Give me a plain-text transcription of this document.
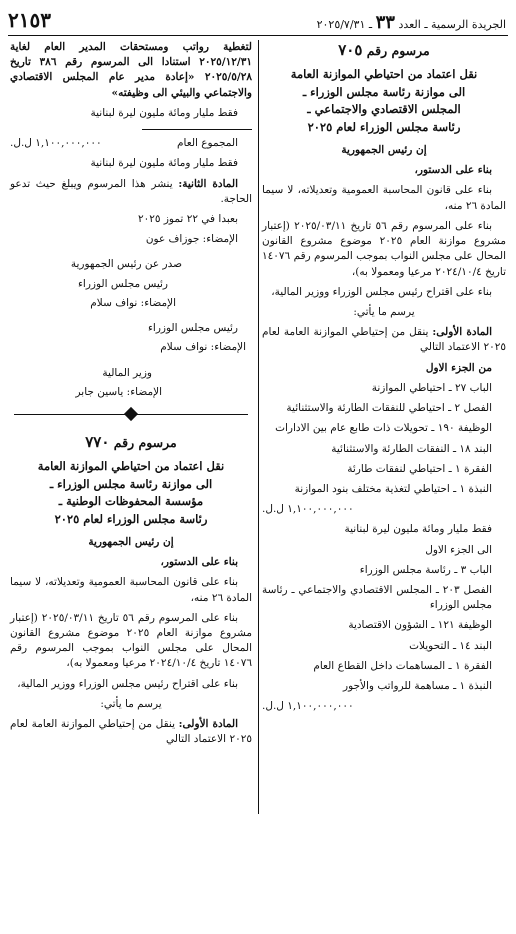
٢١٥٣	الجريدة الرسمية ـ العدد ٣٣ ـ ٢٠٢٥/٧/٣١
مرسوم رقم ٧٠٥
نقل اعتماد من احتياطي الموازنة العامة
الى موازنة رئاسة مجلس الوزراء ـ
المجلس الاقتصادي والاجتماعي ـ
رئاسة مجلس الوزراء لعام ٢٠٢٥
إن رئيس الجمهورية
بناء على الدستور،
بناء على قانون المحاسبة العمومية وتعديلاته، لا سيما المادة ٢٦ منه،
بناء على المرسوم رقم ٥٦ تاريخ ٢٠٢٥/٠٣/١١ (إعتبار مشروع موازنة العام ٢٠٢٥ موضوع مشروع القانون المحال على مجلس النواب بموجب المرسوم رقم ١٤٠٧٦ تاريخ ٢٠٢٤/١٠/٤ مرعيا ومعمولا به)،
بناء على اقتراح رئيس مجلس الوزراء ووزير المالية،
يرسم ما يأتي:
المادة الأولى: ينقل من إحتياطي الموازنة العامة لعام ٢٠٢٥ الاعتماد التالي
من الجزء الاول
الباب ٢٧ ـ احتياطي الموازنة
الفصل ٢ ـ احتياطي للنفقات الطارئة والاستثنائية
الوظيفة ١٩٠ ـ تحويلات ذات طابع عام بين الادارات
البند ١٨ ـ النفقات الطارئة والاستثنائية
الفقرة ١ ـ احتياطي لنفقات طارئة
النبذة ١ ـ احتياطي لتغذية مختلف بنود الموازنة
١,١٠٠,٠٠٠,٠٠٠ ل.ل.
فقط مليار ومائة مليون ليرة لبنانية
الى الجزء الاول
الباب ٣ ـ رئاسة مجلس الوزراء
الفصل ٢٠٣ ـ المجلس الاقتصادي والاجتماعي ـ رئاسة مجلس الوزراء
الوظيفة ١٢١ ـ الشؤون الاقتصادية
البند ١٤ ـ التحويلات
الفقرة ١ ـ المساهمات داخل القطاع العام
النبذة ١ ـ مساهمة للرواتب والأجور
١,١٠٠,٠٠٠,٠٠٠ ل.ل.
لتغطية رواتب ومستحقات المدير العام لغاية ٢٠٢٥/١٢/٣١ استنادا الى المرسوم رقم ٣٨٦ تاريخ ٢٠٢٥/٥/٢٨ «إعادة مدير عام المجلس الاقتصادي والاجتماعي والبيئي الى وظيفته»
فقط مليار ومائة مليون ليرة لبنانية
المجموع العام
١,١٠٠,٠٠٠,٠٠٠ ل.ل.
فقط مليار ومائة مليون ليرة لبنانية
المادة الثانية: ينشر هذا المرسوم ويبلغ حيث تدعو الحاجة.
بعبدا في ٢٢ تموز ٢٠٢٥
الإمضاء: جوزاف عون
صدر عن رئيس الجمهورية
رئيس مجلس الوزراء
الإمضاء: نواف سلام
رئيس مجلس الوزراء
الإمضاء: نواف سلام
وزير المالية
الإمضاء: ياسين جابر
مرسوم رقم ٧٧٠
نقل اعتماد من احتياطي الموازنة العامة
الى موازنة رئاسة مجلس الوزراء ـ
مؤسسة المحفوظات الوطنية ـ
رئاسة مجلس الوزراء لعام ٢٠٢٥
إن رئيس الجمهورية
بناء على الدستور،
بناء على قانون المحاسبة العمومية وتعديلاته، لا سيما المادة ٢٦ منه،
بناء على المرسوم رقم ٥٦ تاريخ ٢٠٢٥/٠٣/١١ (إعتبار مشروع موازنة العام ٢٠٢٥ موضوع مشروع القانون المحال على مجلس النواب بموجب المرسوم رقم ١٤٠٧٦ تاريخ ٢٠٢٤/١٠/٤ مرعيا ومعمولا به)،
بناء على اقتراح رئيس مجلس الوزراء ووزير المالية،
يرسم ما يأتي:
المادة الأولى: ينقل من إحتياطي الموازنة العامة لعام ٢٠٢٥ الاعتماد التالي
